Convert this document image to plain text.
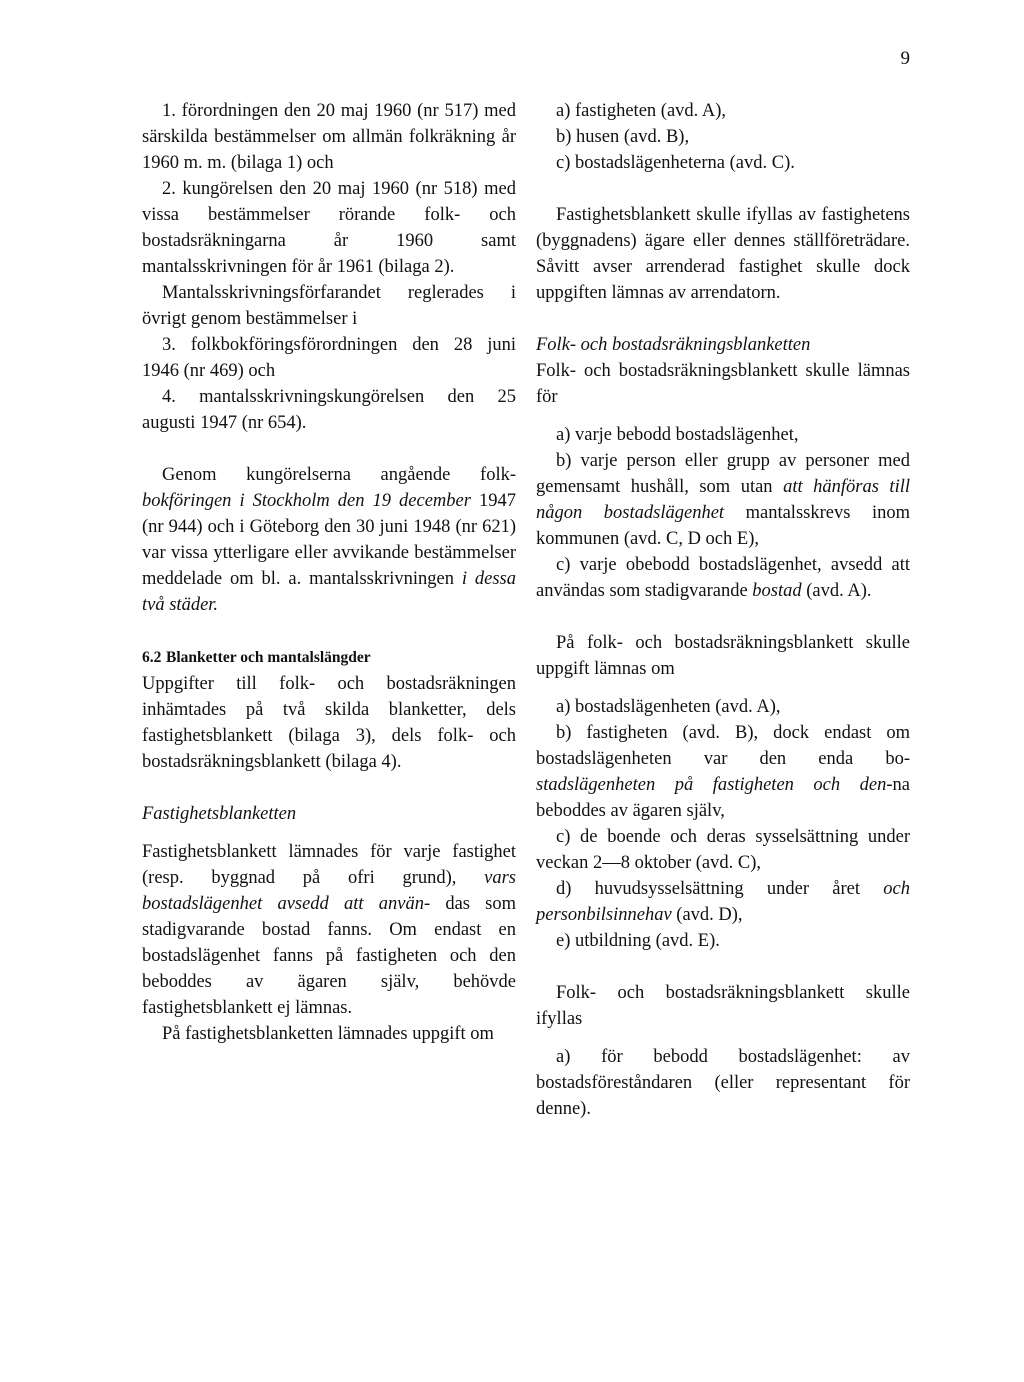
9

1. förordningen den 20 maj 1960 (nr 517) med särskilda bestämmelser om allmän folkräkning år 1960 m. m. (bilaga 1) och

2. kungörelsen den 20 maj 1960 (nr 518) med vissa bestämmelser rörande folk- och bostadsräkningarna år 1960 samt mantalsskrivningen för år 1961 (bilaga 2).

Mantalsskrivningsförfarandet reglerades i övrigt genom bestämmelser i

3. folkbokföringsförordningen den 28 juni 1946 (nr 469) och

4. mantalsskrivningskungörelsen den 25 augusti 1947 (nr 654).

Genom kungörelserna angående folk-bokföringen i Stockholm den 19 december 1947 (nr 944) och i Göteborg den 30 juni 1948 (nr 621) var vissa ytterligare eller avvikande bestämmelser meddelade om bl. a. mantalsskrivningen i dessa två städer.

6.2 Blanketter och mantalslängder

Uppgifter till folk- och bostadsräkningen inhämtades på två skilda blanketter, dels fastighetsblankett (bilaga 3), dels folk- och bostadsräkningsblankett (bilaga 4).

Fastighetsblanketten

Fastighetsblankett lämnades för varje fastighet (resp. byggnad på ofri grund), vars bostadslägenhet avsedd att använ- das som stadigvarande bostad fanns. Om endast en bostadslägenhet fanns på fastigheten och den beboddes av ägaren själv, behövde fastighetsblankett ej lämnas.

På fastighetsblanketten lämnades uppgift om

a) fastigheten (avd. A),

b) husen (avd. B),

c) bostadslägenheterna (avd. C).

Fastighetsblankett skulle ifyllas av fastighetens (byggnadens) ägare eller dennes ställföreträdare. Såvitt avser arrenderad fastighet skulle dock uppgiften lämnas av arrendatorn.

Folk- och bostadsräkningsblanketten

Folk- och bostadsräkningsblankett skulle lämnas för

a) varje bebodd bostadslägenhet,

b) varje person eller grupp av personer med gemensamt hushåll, som utan att hänföras till någon bostadslägenhet mantalsskrevs inom kommunen (avd. C, D och E),

c) varje obebodd bostadslägenhet, avsedd att användas som stadigvarande bostad (avd. A).

På folk- och bostadsräkningsblankett skulle uppgift lämnas om

a) bostadslägenheten (avd. A),

b) fastigheten (avd. B), dock endast om bostadslägenheten var den enda bo-stadslägenheten på fastigheten och den-na beboddes av ägaren själv,

c) de boende och deras sysselsättning under veckan 2—8 oktober (avd. C),

d) huvudsysselsättning under året och personbilsinnehav (avd. D),

e) utbildning (avd. E).

Folk- och bostadsräkningsblankett skulle ifyllas

a) för bebodd bostadslägenhet: av bostadsföreståndaren (eller representant för denne).
